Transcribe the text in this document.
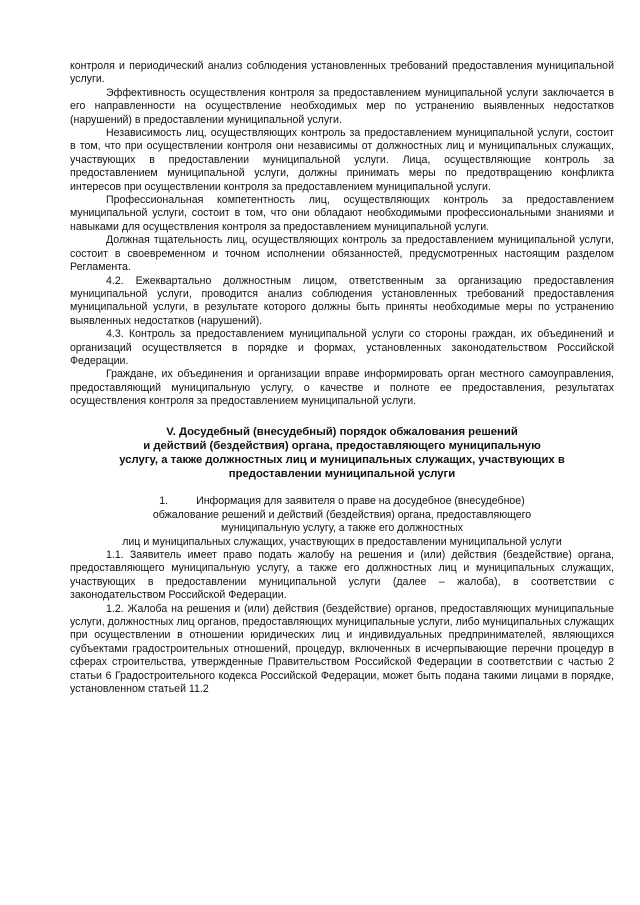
контроля и периодический анализ соблюдения установленных требований предоставления муниципальной услуги.

Эффективность осуществления контроля за предоставлением муниципальной услуги заключается в его направленности на осуществление необходимых мер по устранению выявленных недостатков (нарушений) в предоставлении муниципальной услуги.

Независимость лиц, осуществляющих контроль за предоставлением муниципальной услуги, состоит в том, что при осуществлении контроля они независимы от должностных лиц и муниципальных служащих, участвующих в предоставлении муниципальной услуги. Лица, осуществляющие контроль за предоставлением муниципальной услуги, должны принимать меры по предотвращению конфликта интересов при осуществлении контроля за предоставлением муниципальной услуги.

Профессиональная компетентность лиц, осуществляющих контроль за предоставлением муниципальной услуги, состоит в том, что они обладают необходимыми профессиональными знаниями и навыками для осуществления контроля за предоставлением муниципальной услуги.

Должная тщательность лиц, осуществляющих контроль за предоставлением муниципальной услуги, состоит в своевременном и точном исполнении обязанностей, предусмотренных настоящим разделом Регламента.

4.2. Ежеквартально должностным лицом, ответственным за организацию предоставления муниципальной услуги, проводится анализ соблюдения установленных требований предоставления муниципальной услуги, в результате которого должны быть приняты необходимые меры по устранению выявленных недостатков (нарушений).

4.3. Контроль за предоставлением муниципальной услуги со стороны граждан, их объединений и организаций осуществляется в порядке и формах, установленных законодательством Российской Федерации.

Граждане, их объединения и организации вправе информировать орган местного самоуправления, предоставляющий муниципальную услугу, о качестве и полноте ее предоставления, результатах осуществления контроля за предоставлением муниципальной услуги.

V. Досудебный (внесудебный) порядок обжалования решений
и действий (бездействия) органа, предоставляющего муниципальную
услугу, а также должностных лиц и муниципальных служащих, участвующих в
предоставлении муниципальной услуги
1.	Информация для заявителя о праве на досудебное (внесудебное)
обжалование решений и действий (бездействия) органа, предоставляющего
муниципальную услугу, а также его должностных
лиц и муниципальных служащих, участвующих в предоставлении муниципальной услуги

1.1. Заявитель имеет право подать жалобу на решения и (или) действия (бездействие) органа, предоставляющего муниципальную услугу, а также его должностных лиц и муниципальных служащих, участвующих в предоставлении муниципальной услуги (далее – жалоба), в соответствии с законодательством Российской Федерации.

1.2. Жалоба на решения и (или) действия (бездействие) органов, предоставляющих муниципальные услуги, должностных лиц органов, предоставляющих муниципальные услуги, либо муниципальных служащих при осуществлении в отношении юридических лиц и индивидуальных предпринимателей, являющихся субъектами градостроительных отношений, процедур, включенных в исчерпывающие перечни процедур в сферах строительства, утвержденные Правительством Российской Федерации в соответствии с частью 2 статьи 6 Градостроительного кодекса Российской Федерации, может быть подана такими лицами в порядке, установленном статьей 11.2
